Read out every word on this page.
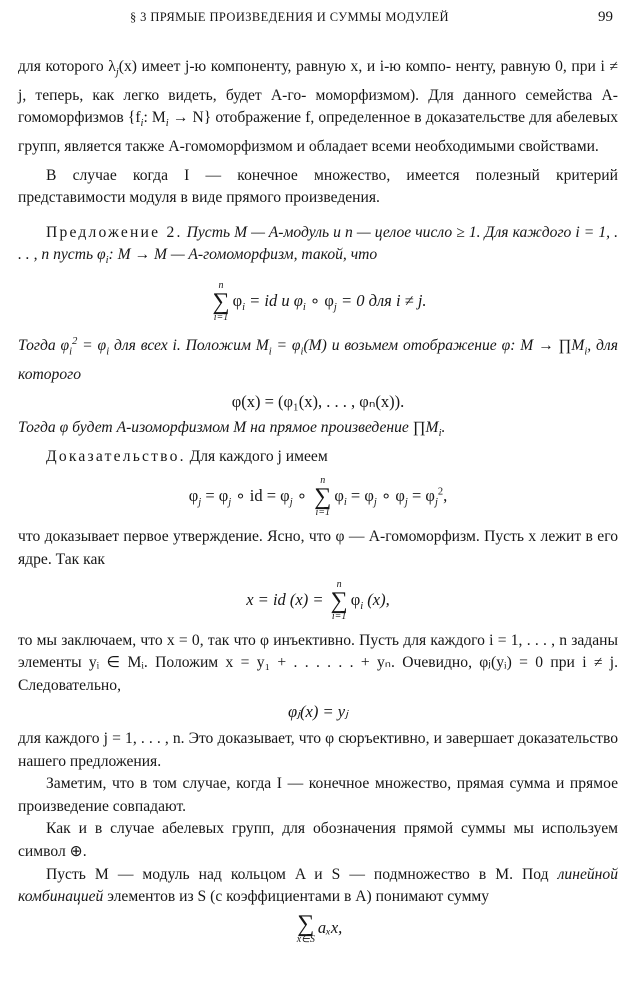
§ 3 ПРЯМЫЕ ПРОИЗВЕДЕНИЯ И СУММЫ МОДУЛЕЙ	99

для которого $\lambda_j(x)$ имеет j-ю компоненту, равную x, и i-ю компо- ненту, равную 0, при i ≠ j, теперь, как легко видеть, будет A-го- моморфизмом). Для данного семейства A-гомоморфизмов {$f_i$: $M_i \to N$} отображение f, определенное в доказательстве для абелевых групп, является также A-гомоморфизмом и обладает всеми необходимыми свойствами.

В случае когда I — конечное множество, имеется полезный критерий представимости модуля в виде прямого произведения.

Предложение 2. Пусть M — A-модуль и n — целое число ≥ 1. Для каждого i = 1, . . . , n пусть $\varphi_i$: M → M — A-гомоморфизм, такой, что

n
∑
i=1
$\varphi_i$ = id и $\varphi_i$ ∘ $\varphi_j = 0$ для i ≠ j.

Тогда $\varphi_i^2 = \varphi_i$ для всех i. Положим $M_i = \varphi_i(M)$ и возьмем отображение φ: $M \to \prod M_i$, для которого

φ(x) = (φ₁(x), . . . , φₙ(x)).

Тогда φ будет A-изоморфизмом M на прямое произведение $\prod M_i$.

Доказательство. Для каждого j имеем

$\varphi_j = \varphi_j$ ∘ id = $\varphi_j$ ∘
n
∑
i=1
$\varphi_i = \varphi_j$ ∘ $\varphi_j = \varphi_j^2$,

что доказывает первое утверждение. Ясно, что φ — A-гомоморфизм. Пусть x лежит в его ядре. Так как

x = id (x) =
n
∑
i=1
$\varphi_i$ (x),

то мы заключаем, что x = 0, так что φ инъективно. Пусть для каждого i = 1, . . . , n заданы элементы yᵢ ∈ Mᵢ. Положим x = y₁ + . . . . . . + yₙ. Очевидно, φⱼ(yᵢ) = 0 при i ≠ j. Следовательно,

φⱼ(x) = yⱼ

для каждого j = 1, . . . , n. Это доказывает, что φ сюръективно, и завершает доказательство нашего предложения.

Заметим, что в том случае, когда I — конечное множество, прямая сумма и прямое произведение совпадают.

Как и в случае абелевых групп, для обозначения прямой суммы мы используем символ ⊕.

Пусть M — модуль над кольцом A и S — подмножество в M. Под линейной комбинацией элементов из S (с коэффициентами в A) понимают сумму

∑
x∈S
aₓx,
